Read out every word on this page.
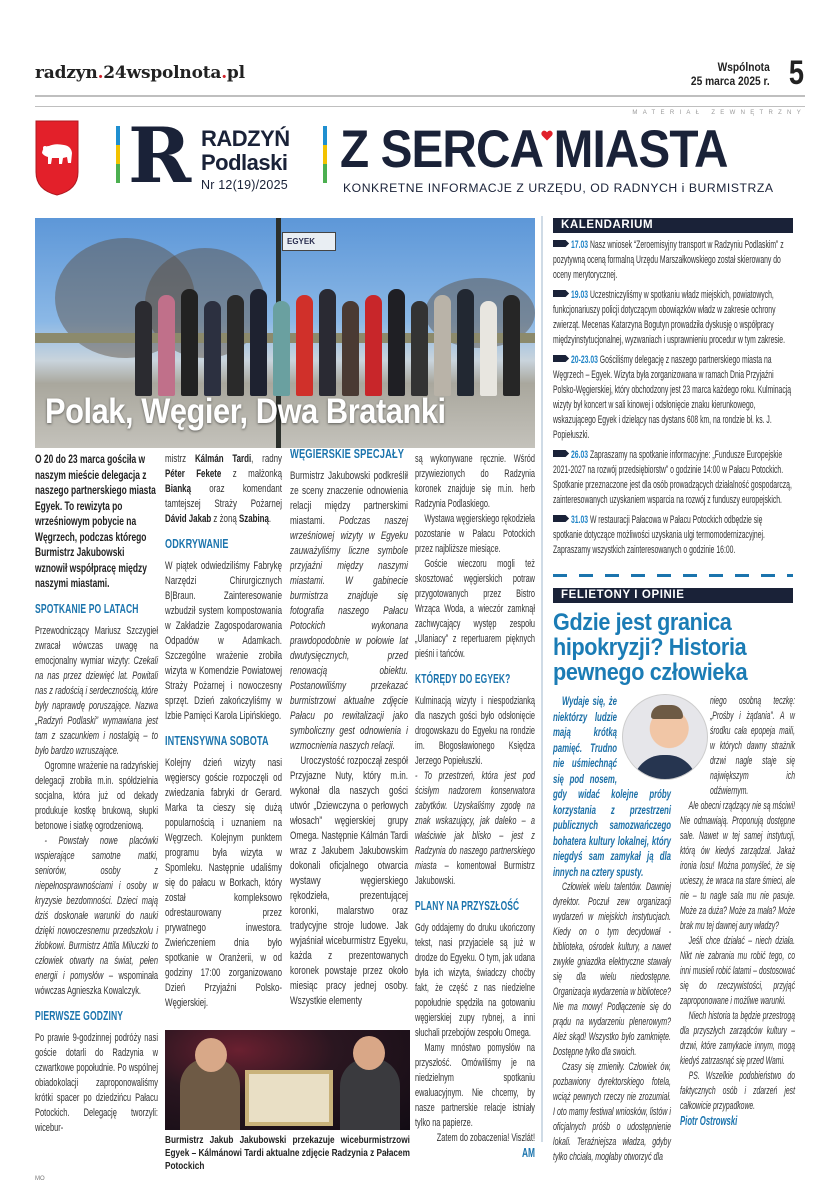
radzyn.24wspolnota.pl	Wspólnota
25 marca 2025 r. 5
MATERIAŁ ZEWNĘTRZNY
R RADZYŃ
Podlaski
Nr 12(19)/2025
Z SERCA MIASTA
KONKRETNE INFORMACJE Z URZĘDU, OD RADNYCH i BURMISTRZA
EGYEK
Polak, Węgier, Dwa Bratanki

O 20 do 23 marca gościła w naszym mieście delegacja z naszego partnerskiego miasta Egyek. To rewizyta po wrześniowym pobycie na Węgrzech, podczas którego Burmistrz Jakubowski wznowił współpracę między naszymi miastami.

SPOTKANIE PO LATACH

Przewodniczący Mariusz Szczygieł zwracał wówczas uwagę na emocjonalny wymiar wizyty: Czekali na nas przez dziewięć lat. Powitali nas z radością i serdecznością, które były naprawdę poruszające. Nazwa „Radzyń Podlaski” wymawiana jest tam z szacunkiem i nostalgią – to było bardzo wzruszające.

Ogromne wrażenie na radzyńskiej delegacji zrobiła m.in. spółdzielnia socjalna, która już od dekady produkuje kostkę brukową, słupki betonowe i siatkę ogrodzeniową.

- Powstały nowe placówki wspierające samotne matki, seniorów, osoby z niepełnosprawnościami i osoby w kryzysie bezdomności. Dzieci mają dziś doskonałe warunki do nauki dzięki nowoczesnemu przedszkolu i żłobkowi. Burmistrz Attila Miluczki to człowiek otwarty na świat, pełen energii i pomysłów – wspominała wówczas Agnieszka Kowalczyk.

PIERWSZE GODZINY

Po prawie 9-godzinnej podróży nasi goście dotarli do Radzynia w czwartkowe popołudnie. Po wspólnej obiadokolacji zaproponowaliśmy krótki spacer po dziedzińcu Pałacu Potockich. Delegację tworzyli: wicebur-

mistrz Kálmán Tardi, radny Péter Fekete z małżonką Bianką oraz komendant tamtejszej Straży Pożarnej Dávid Jakab z żoną Szabiną.

ODKRYWANIE

W piątek odwiedziliśmy Fabrykę Narzędzi Chirurgicznych B|Braun. Zainteresowanie wzbudził system kompostowania w Zakładzie Zagospodarowania Odpadów w Adamkach. Szczególne wrażenie zrobiła wizyta w Komendzie Powiatowej Straży Pożarnej i nowoczesny sprzęt. Dzień zakończyliśmy w Izbie Pamięci Karola Lipińskiego.

INTENSYWNA SOBOTA

Kolejny dzień wizyty nasi węgierscy goście rozpoczęli od zwiedzania fabryki dr Gerard. Marka ta cieszy się dużą popularnością i uznaniem na Węgrzech. Kolejnym punktem programu była wizyta w Spomleku. Następnie udaliśmy się do pałacu w Borkach, który został kompleksowo odrestaurowany przez prywatnego inwestora. Zwieńczeniem dnia było spotkanie w Oranżerii, w od godziny 17:00 zorganizowano Dzień Przyjaźni Polsko-Węgierskiej.

WĘGIERSKIE SPECJAŁY

Burmistrz Jakubowski podkreślił ze sceny znaczenie odnowienia relacji między partnerskimi miastami. Podczas naszej wrześniowej wizyty w Egyeku zauważyliśmy liczne symbole przyjaźni między naszymi miastami. W gabinecie burmistrza znajduje się fotografia naszego Pałacu Potockich wykonana prawdopodobnie w połowie lat dwutysięcznych, przed renowacją obiektu. Postanowiliśmy przekazać burmistrzowi aktualne zdjęcie Pałacu po rewitalizacji jako symboliczny gest odnowienia i wzmocnienia naszych relacji.

Uroczystość rozpoczął zespół Przyjazne Nuty, który m.in. wykonał dla naszych gości utwór „Dziewczyna o perłowych włosach” węgierskiej grupy Omega. Następnie Kálmán Tardi wraz z Jakubem Jakubowskim dokonali oficjalnego otwarcia wystawy węgierskiego rękodzieła, prezentującej koronki, malarstwo oraz tradycyjne stroje ludowe. Jak wyjaśniał wiceburmistrz Egyeku, każda z prezentowanych koronek powstaje przez około miesiąc pracy jednej osoby. Wszystkie elementy

są wykonywane ręcznie. Wśród przywiezionych do Radzynia koronek znajduje się m.in. herb Radzynia Podlaskiego.

Wystawa węgierskiego rękodzieła pozostanie w Pałacu Potockich przez najbliższe miesiące.

Goście wieczoru mogli też skosztować węgierskich potraw przygotowanych przez Bistro Wrząca Woda, a wieczór zamknął zachwycający występ zespołu „Ulaniacy” z repertuarem pięknych pieśni i tańców.

KTÓRĘDY DO EGYEK?

Kulminacją wizyty i niespodzianką dla naszych gości było odsłonięcie drogowskazu do Egyeku na rondzie im. Błogosławionego Księdza Jerzego Popiełuszki.

- To przestrzeń, która jest pod ścisłym nadzorem konserwatora zabytków. Uzyskaliśmy zgodę na znak wskazujący, jak daleko – a właściwie jak blisko – jest z Radzynia do naszego partnerskiego miasta – komentował Burmistrz Jakubowski.

PLANY NA PRZYSZŁOŚĆ

Gdy oddajemy do druku ukończony tekst, nasi przyjaciele są już w drodze do Egyeku. O tym, jak udana była ich wizyta, świadczy choćby fakt, że część z nas niedzielne popołudnie spędziła na gotowaniu węgierskiej zupy rybnej, a inni słuchali przebojów zespołu Omega.

Mamy mnóstwo pomysłów na przyszłość. Omówiliśmy je na niedzielnym spotkaniu ewaluacyjnym. Nie chcemy, by nasze partnerskie relacje istniały tylko na papierze.

Zatem do zobaczenia! Viszlát!

AM

Burmistrz Jakub Jakubowski przekazuje wiceburmistrzowi Egyek – Kálmánowi Tardi aktualne zdjęcie Radzynia z Pałacem Potockich
KALENDARIUM

17.03 Nasz wniosek “Zeroemisyjny transport w Radzyniu Podlaskim” z pozytywną oceną formalną Urzędu Marszałkowskiego został skierowany do oceny merytorycznej.

19.03 Uczestniczyliśmy w spotkaniu władz miejskich, powiatowych, funkcjonariuszy policji dotyczącym obowiązków władz w zakresie ochrony zwierząt. Mecenas Katarzyna Bogutyn prowadziła dyskusję o współpracy międzyinstytucjonalnej, wyzwaniach i usprawnieniu procedur w tym zakresie.

20-23.03 Gościliśmy delegację z naszego partnerskiego miasta na Węgrzech – Egyek. Wizyta była zorganizowana w ramach Dnia Przyjaźni Polsko-Węgierskiej, który obchodzony jest 23 marca każdego roku. Kulminacją wizyty był koncert w sali kinowej i odsłonięcie znaku kierunkowego, wskazującego Egyek i dzielący nas dystans 608 km, na rondzie bł. ks. J. Popiełuszki.

26.03 Zapraszamy na spotkanie informacyjne: „Fundusze Europejskie 2021-2027 na rozwój przedsiębiorstw” o godzinie 14:00 w Pałacu Potockich. Spotkanie przeznaczone jest dla osób prowadzących działalność gospodarczą, zainteresowanych uzyskaniem wsparcia na rozwój z funduszy europejskich.

31.03 W restauracji Pałacowa w Pałacu Potockich odbędzie się spotkanie dotyczące możliwości uzyskania ulgi termomodernizacyjnej. Zapraszamy wszystkich zainteresowanych o godzinie 16:00.

FELIETONY I OPINIE
Gdzie jest granica hipokryzji? Historia pewnego człowieka

Wydaje się, że niektórzy ludzie mają krótką pamięć. Trudno nie uśmiechnąć się pod nosem, gdy widać kolejne próby korzystania z przestrzeni publicznych samozwańczego bohatera kultury lokalnej, który niegdyś sam zamykał ją dla innych na cztery spusty.

Człowiek wielu talentów. Dawniej dyrektor. Poczuł zew organizacji wydarzeń w miejskich instytucjach. Kiedy on o tym decydował - biblioteka, ośrodek kultury, a nawet zwykłe gniazdka elektryczne stawały się dla wielu niedostępne. Organizacja wydarzenia w bibliotece? Nie ma mowy! Podłączenie się do prądu na wydarzeniu plenerowym? Ależ skąd! Wszystko było zamknięte. Dostępne tylko dla swoich.

Czasy się zmieniły. Człowiek ów, pozbawiony dyrektorskiego fotela, wciąż pewnych rzeczy nie zrozumiał. I oto mamy festiwal wniosków, listów i oficjalnych próśb o udostępnienie lokali. Teraźniejsza władza, gdyby tylko chciała, mogłaby otworzyć dla

niego osobną teczkę: „Prośby i żądania”. A w środku cała epopeja maili, w których dawny strażnik drzwi nagle staje się największym ich odźwiernym.

Ale obecni rządzący nie są mściwi! Nie odmawiają. Proponują dostępne sale. Nawet w tej samej instytucji, którą ów kiedyś zarządzał. Jakaż ironia losu! Można pomyśleć, że się ucieszy, że wraca na stare śmieci, ale nie – tu nagle sala mu nie pasuje. Może za duża? Może za mała? Może brak mu tej dawnej aury władzy?

Jeśli chce działać – niech działa. Nikt nie zabrania mu robić tego, co inni musieli robić latami – dostosować się do rzeczywistości, przyjąć zaproponowane i możliwe warunki.

Niech historia ta będzie przestrogą dla przyszłych zarządców kultury – drzwi, które zamykacie innym, mogą kiedyś zatrzasnąć się przed Wami.

PS. Wszelkie podobieństwo do faktycznych osób i zdarzeń jest całkowicie przypadkowe.

Piotr Ostrowski

MO
